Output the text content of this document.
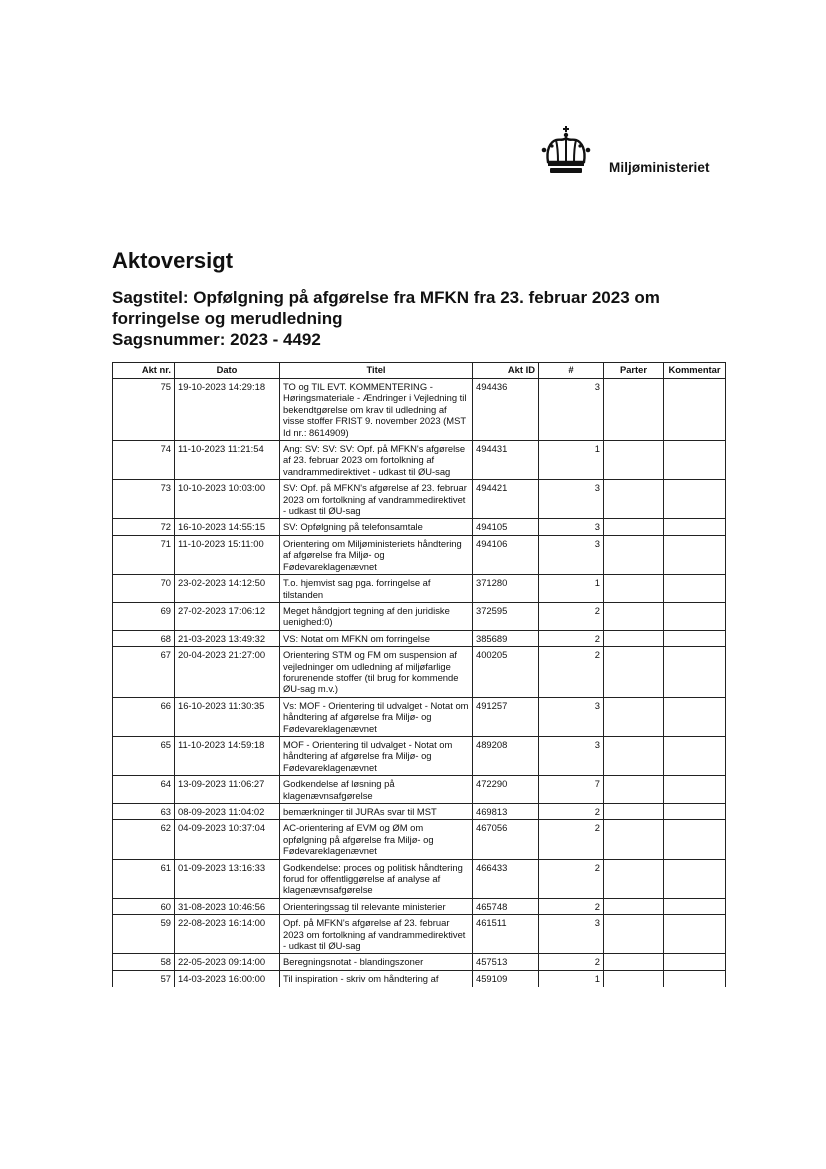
Miljøministeriet
Aktoversigt
Sagstitel: Opfølgning på afgørelse fra MFKN fra 23. februar 2023 om forringelse og merudledning
Sagsnummer: 2023 - 4492
Akt nr.	Dato	Titel	Akt ID	#	Parter	Kommentar
75	19-10-2023 14:29:18	TO og TIL EVT. KOMMENTERING - Høringsmateriale - Ændringer i Vejledning til bekendtgørelse om krav til udledning af visse stoffer FRIST 9. november 2023 (MST Id nr.: 8614909)	494436	3		
74	11-10-2023 11:21:54	Ang: SV: SV: SV: Opf. på MFKN's afgørelse af 23. februar 2023 om fortolkning af vandrammedirektivet - udkast til ØU-sag	494431	1		
73	10-10-2023 10:03:00	SV: Opf. på MFKN's afgørelse af 23. februar 2023 om fortolkning af vandrammedirektivet - udkast til ØU-sag	494421	3		
72	16-10-2023 14:55:15	SV: Opfølgning på telefonsamtale	494105	3		
71	11-10-2023 15:11:00	Orientering om Miljøministeriets håndtering af afgørelse fra Miljø- og Fødevareklagenævnet	494106	3		
70	23-02-2023 14:12:50	T.o. hjemvist sag pga. forringelse af tilstanden	371280	1		
69	27-02-2023 17:06:12	Meget håndgjort tegning af den juridiske uenighed:0)	372595	2		
68	21-03-2023 13:49:32	VS: Notat om MFKN om forringelse	385689	2		
67	20-04-2023 21:27:00	Orientering STM og FM om suspension af vejledninger om udledning af miljøfarlige forurenende stoffer (til brug for kommende ØU-sag m.v.)	400205	2		
66	16-10-2023 11:30:35	Vs: MOF - Orientering til udvalget - Notat om håndtering af afgørelse fra Miljø- og Fødevareklagenævnet	491257	3		
65	11-10-2023 14:59:18	MOF - Orientering til udvalget - Notat om håndtering af afgørelse fra Miljø- og Fødevareklagenævnet	489208	3		
64	13-09-2023 11:06:27	Godkendelse af løsning på klagenævnsafgørelse	472290	7		
63	08-09-2023 11:04:02	bemærkninger til JURAs svar til MST	469813	2		
62	04-09-2023 10:37:04	AC-orientering af EVM og ØM om opfølgning på afgørelse fra Miljø- og Fødevareklagenævnet	467056	2		
61	01-09-2023 13:16:33	Godkendelse: proces og politisk håndtering forud for offentliggørelse af analyse af klagenævnsafgørelse	466433	2		
60	31-08-2023 10:46:56	Orienteringssag til relevante ministerier	465748	2		
59	22-08-2023 16:14:00	Opf. på MFKN's afgørelse af 23. februar 2023 om fortolkning af vandrammedirektivet - udkast til ØU-sag	461511	3		
58	22-05-2023 09:14:00	Beregningsnotat - blandingszoner	457513	2		
57	14-03-2023 16:00:00	Til inspiration - skriv om håndtering af	459109	1		
